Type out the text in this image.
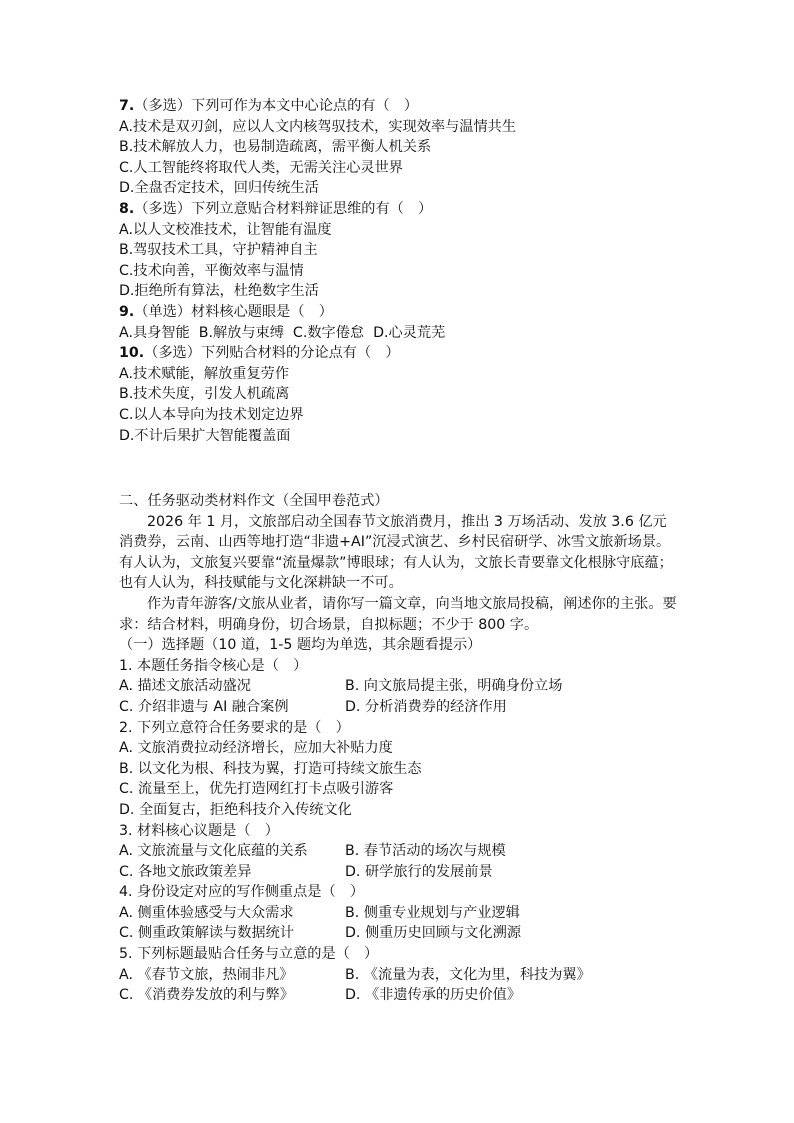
7.（多选）下列可作为本文中心论点的有（　）
A.技术是双刃剑，应以人文内核驾驭技术，实现效率与温情共生
B.技术解放人力，也易制造疏离，需平衡人机关系
C.人工智能终将取代人类，无需关注心灵世界
D.全盘否定技术，回归传统生活
8.（多选）下列立意贴合材料辩证思维的有（　）
A.以人文校准技术，让智能有温度
B.驾驭技术工具，守护精神自主
C.技术向善，平衡效率与温情
D.拒绝所有算法，杜绝数字生活
9.（单选）材料核心题眼是（　）
A.具身智能  B.解放与束缚  C.数字倦怠  D.心灵荒芜
10.（多选）下列贴合材料的分论点有（　）
A.技术赋能，解放重复劳作
B.技术失度，引发人机疏离
C.以人本导向为技术划定边界
D.不计后果扩大智能覆盖面
二、任务驱动类材料作文（全国甲卷范式）
2026 年 1 月，文旅部启动全国春节文旅消费月，推出 3 万场活动、发放 3.6 亿元消费券，云南、山西等地打造“非遗+AI”沉浸式演艺、乡村民宿研学、冰雪文旅新场景。有人认为，文旅复兴要靠“流量爆款”博眼球；有人认为，文旅长青要靠文化根脉守底蕴；也有人认为，科技赋能与文化深耕缺一不可。
作为青年游客/文旅从业者，请你写一篇文章，向当地文旅局投稿，阐述你的主张。要求：结合材料，明确身份，切合场景，自拟标题；不少于 800 字。
（一）选择题（10 道，1-5 题均为单选，其余题看提示）
1. 本题任务指令核心是（　）
A. 描述文旅活动盛况	B. 向文旅局提主张，明确身份立场
C. 介绍非遗与 AI 融合案例	D. 分析消费券的经济作用
2. 下列立意符合任务要求的是（　）
A. 文旅消费拉动经济增长，应加大补贴力度
B. 以文化为根、科技为翼，打造可持续文旅生态
C. 流量至上，优先打造网红打卡点吸引游客
D. 全面复古，拒绝科技介入传统文化
3. 材料核心议题是（　）
A. 文旅流量与文化底蕴的关系	B. 春节活动的场次与规模
C. 各地文旅政策差异	D. 研学旅行的发展前景
4. 身份设定对应的写作侧重点是（　）
A. 侧重体验感受与大众需求	B. 侧重专业规划与产业逻辑
C. 侧重政策解读与数据统计	D. 侧重历史回顾与文化溯源
5. 下列标题最贴合任务与立意的是（　）
A. 《春节文旅，热闹非凡》	B. 《流量为表，文化为里，科技为翼》
C. 《消费券发放的利与弊》	D. 《非遗传承的历史价值》
